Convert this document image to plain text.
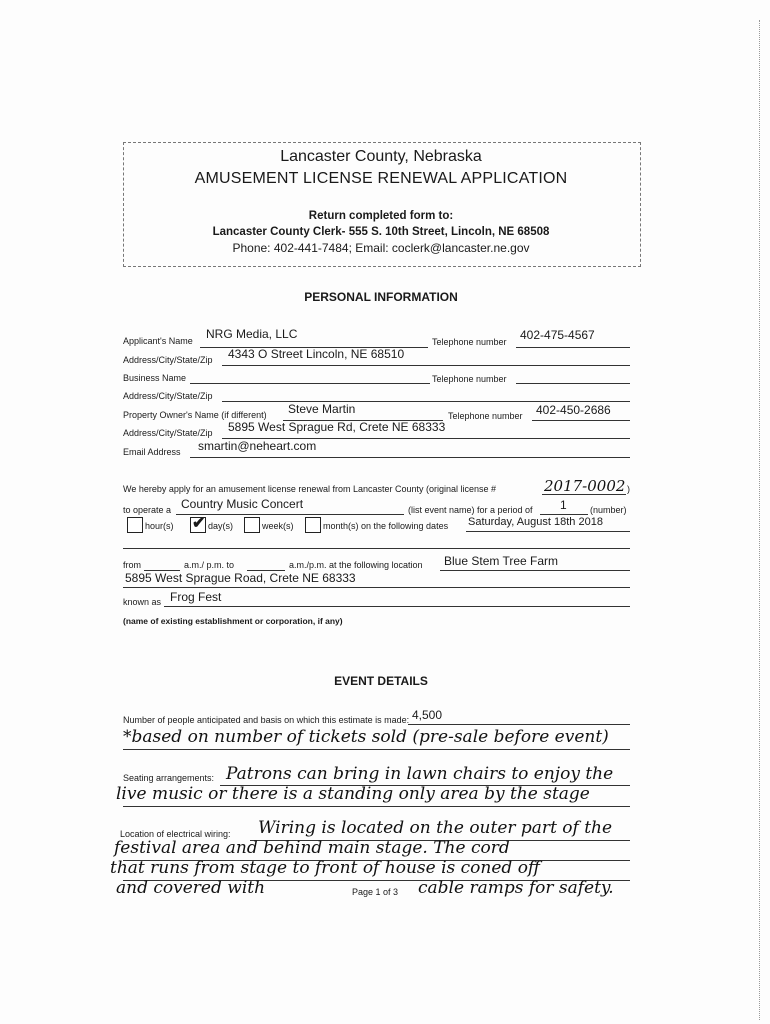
Lancaster County, Nebraska
AMUSEMENT LICENSE RENEWAL APPLICATION
Return completed form to:
Lancaster County Clerk- 555 S. 10th Street, Lincoln, NE 68508
Phone: 402-441-7484; Email: coclerk@lancaster.ne.gov
PERSONAL INFORMATION
Applicant's Name NRG Media, LLC
Telephone number 402-475-4567
Address/City/State/Zip 4343 O Street Lincoln, NE 68510
Business Name	Telephone number
Address/City/State/Zip
Property Owner's Name (if different) Steve Martin	Telephone number 402-450-2686
Address/City/State/Zip 5895 West Sprague Rd, Crete NE 68333
Email Address smartin@neheart.com
We hereby apply for an amusement license renewal from Lancaster County (original license #	2017-0002 )
to operate a Country Music Concert	(list event name) for a period of 1	(number)
hour(s) ✔ day(s)	week(s)	month(s) on the following dates Saturday, August 18th 2018
from	a.m./ p.m. to	a.m./p.m. at the following location Blue Stem Tree Farm
5895 West Sprague Road, Crete NE 68333
known as Frog Fest
(name of existing establishment or corporation, if any)
EVENT DETAILS
Number of people anticipated and basis on which this estimate is made: 4,500
*based on number of tickets sold (pre-sale before event)
Seating arrangements: Patrons can bring in lawn chairs to enjoy the
live music or there is a standing only area by the stage
Location of electrical wiring: Wiring is located on the outer part of the
festival area and behind main stage. The cord
that runs from stage to front of house is coned off
and covered with	Page 1 of 3 cable ramps for safety.
